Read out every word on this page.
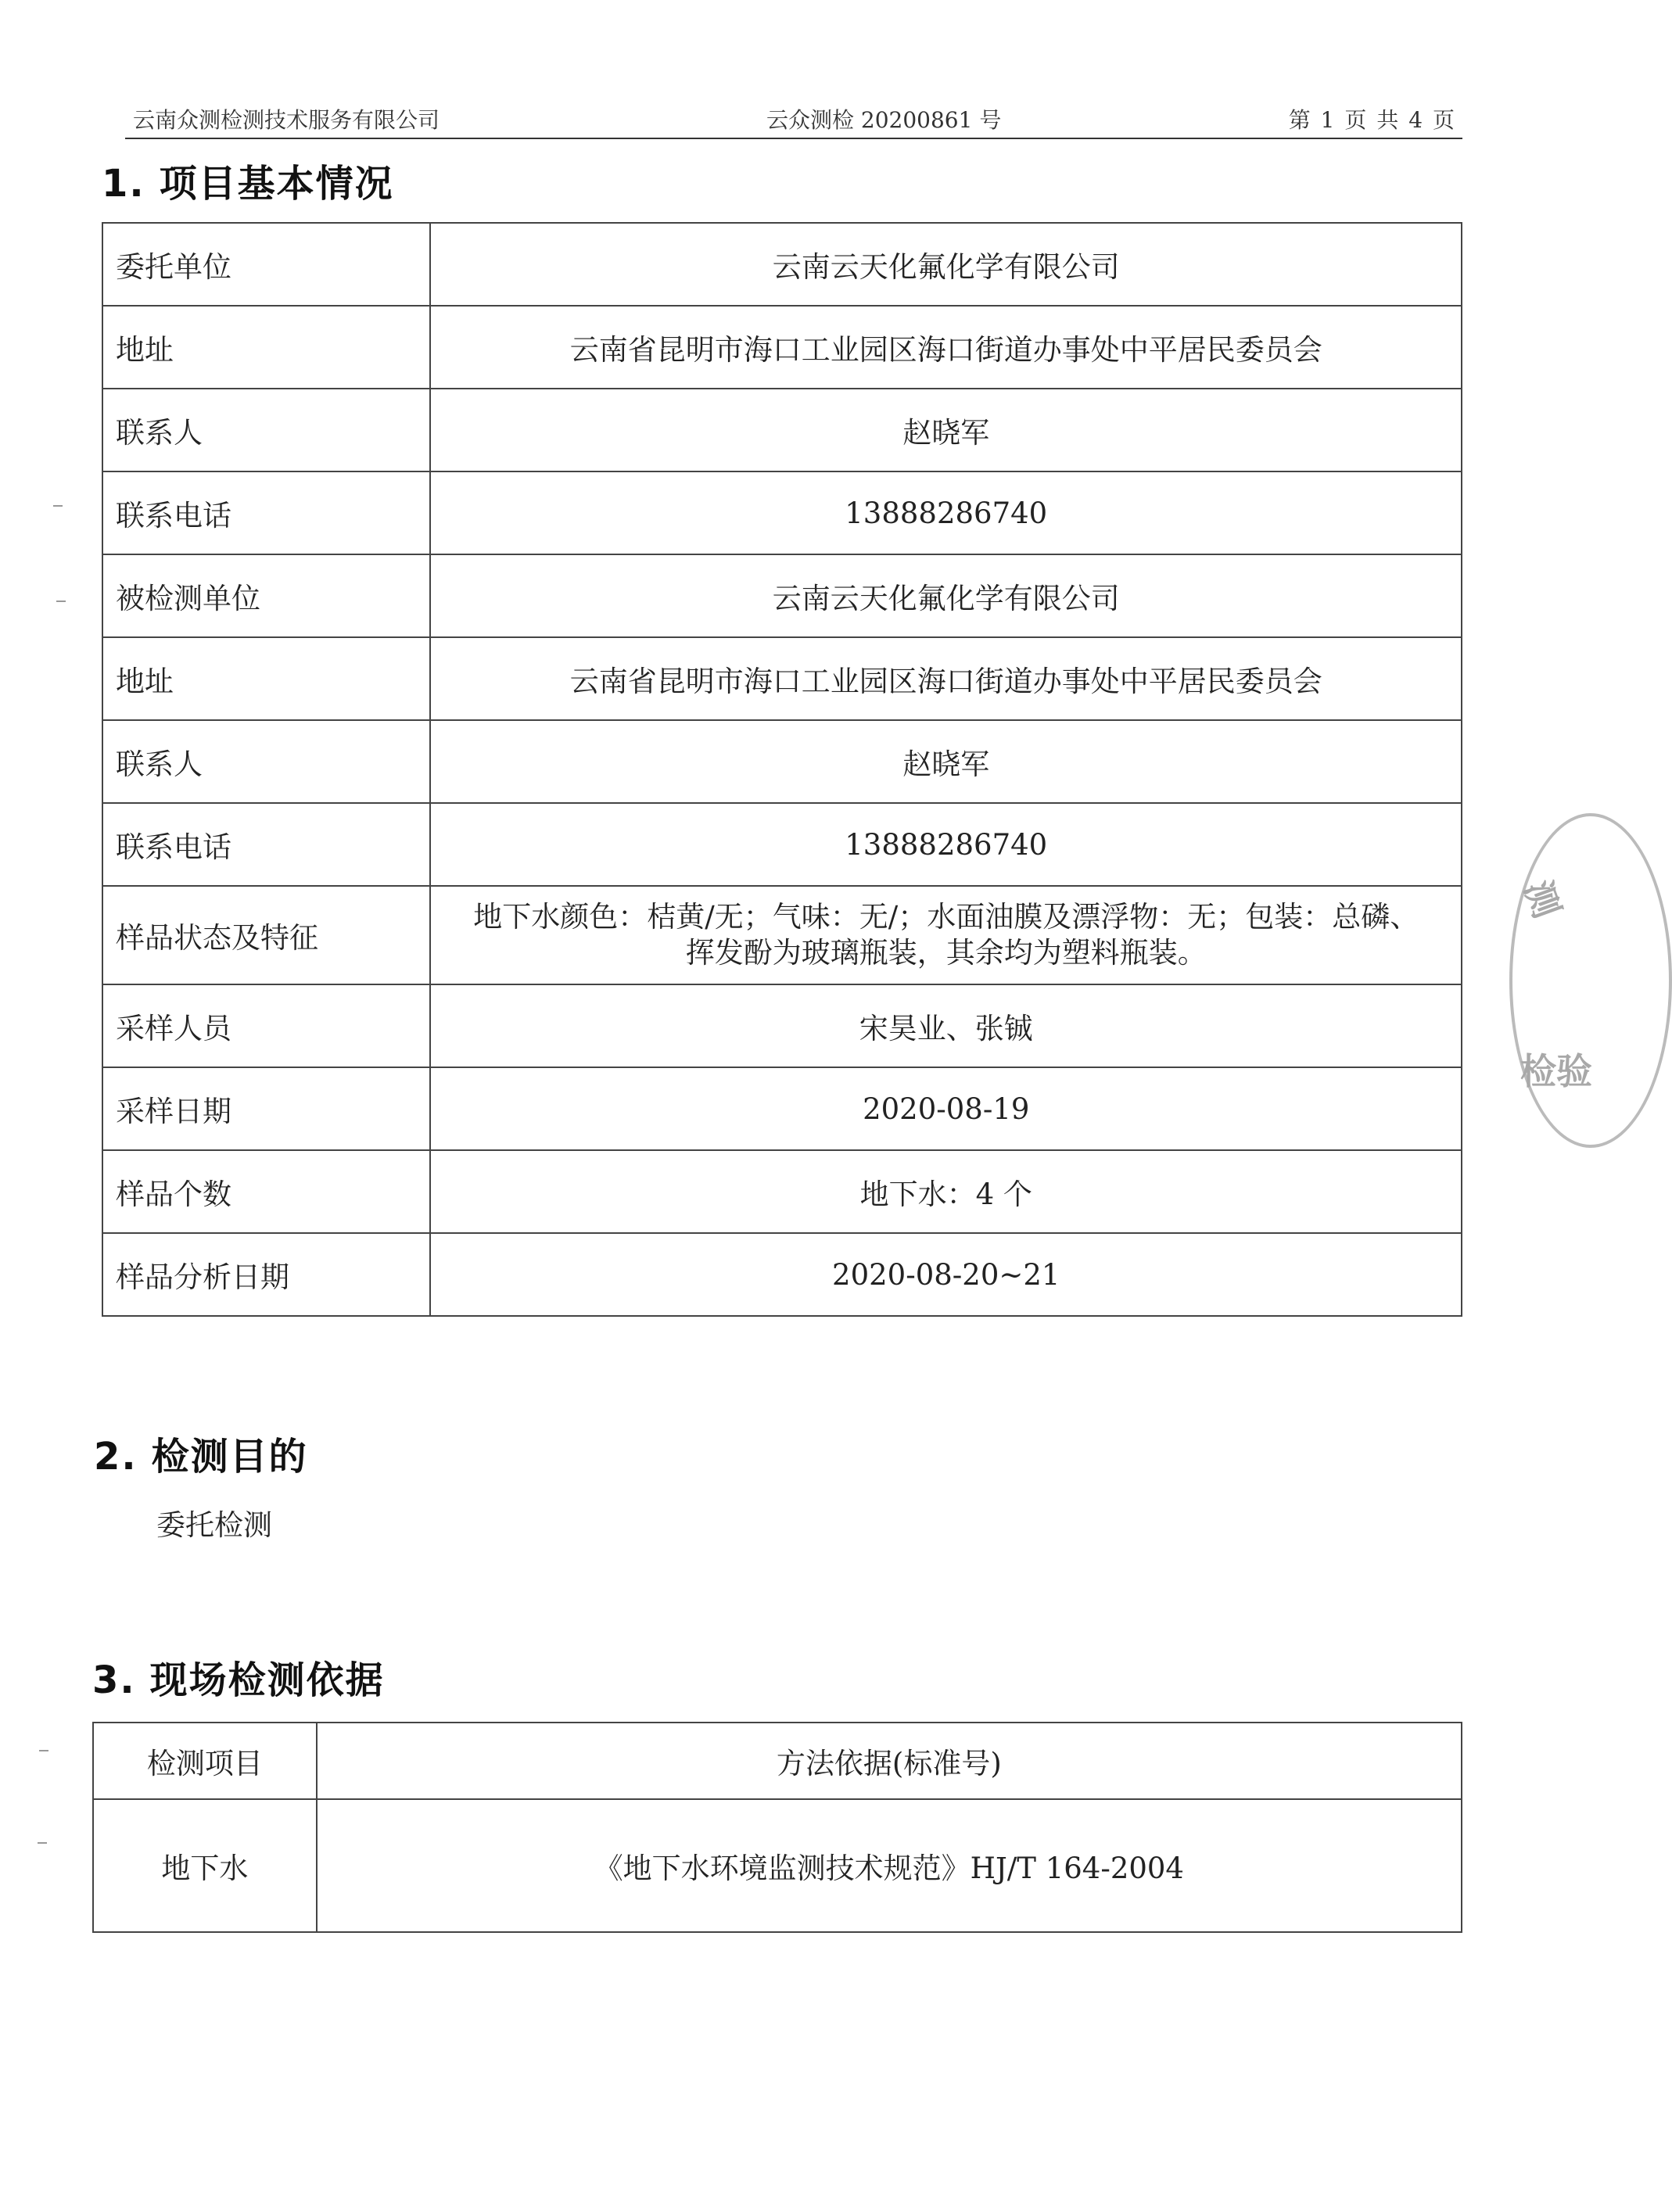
云南众测检测技术服务有限公司	云众测检 20200861 号	第 1 页 共 4 页
1. 项目基本情况
委托单位	云南云天化氟化学有限公司
地址	云南省昆明市海口工业园区海口街道办事处中平居民委员会
联系人	赵晓军
联系电话	13888286740
被检测单位	云南云天化氟化学有限公司
地址	云南省昆明市海口工业园区海口街道办事处中平居民委员会
联系人	赵晓军
联系电话	13888286740
样品状态及特征	地下水颜色：桔黄/无；气味：无/；水面油膜及漂浮物：无；包装：总磷、
挥发酚为玻璃瓶装，其余均为塑料瓶装。

采样人员	宋昊业、张铖
采样日期	2020-08-19
样品个数	地下水：4 个
样品分析日期	2020-08-20~21
2. 检测目的
委托检测
3. 现场检测依据
检测项目	方法依据(标准号)
地下水	《地下水环境监测技术规范》HJ/T 164-2004
测
检验
